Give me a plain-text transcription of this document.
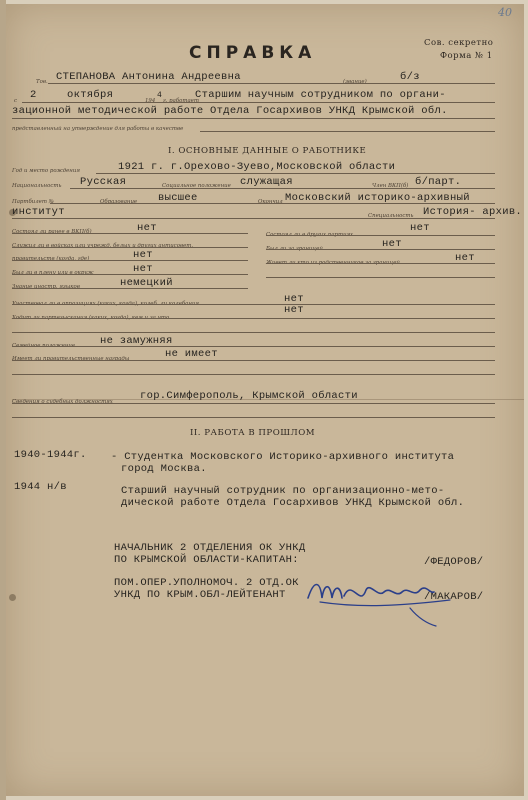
40
СПРАВКА	Сов. секретно
Форма № 1
Тов. СТЕПАНОВА Антонина Андреевна	(звание)	б/з
с 2	октября	194
4
г. работает
Старшим научным сотрудником по органи-
зационной методической работе Отдела Госархивов УНКД Крымской обл.
представленный на утверждение для работы в качестве
I. ОСНОВНЫЕ ДАННЫЕ О РАБОТНИКЕ
Год и место рождения	1921 г. г.Орехово-Зуево,Московской области
Национальность Русская	Социальное положение служащая	Член ВКП(б) б/парт.
Партбилет №	Образование высшее	Окончил Московский историко-архивный
институт	Специальность История- архив.
Состоял ли ранее в ВКП(б)	нет
Служил ли в войсках или учрежд. белых и других антисовет.
правительств (когда, где)	нет
Был ли в плену или в окруж	нет
Знание иностр. языков	немецкий
Состоял ли в других партиях
нет
Был ли за границей	нет
Живет ли кто из родственников за границей	нет
Участвовал ли в оппозициях (каких, когда), колеб. ли колебания	нет
Ходит ли партвзыскания (каких, когда), кем и за что
нет
Семейное положение не замужняя
Имеет ли правительственные награды	не имеет
Сведения о судебных должностях	гор.Симферополь, Крымской области
II. РАБОТА В ПРОШЛОМ
1940-1944г. - Студентка Московского Историко-архивного института
город Москва.
1944 н/в	Старший научный сотрудник по организационно-мето-
дической работе Отдела Госархивов УНКД Крымской обл.
НАЧАЛЬНИК 2 ОТДЕЛЕНИЯ ОК УНКД
ПО КРЫМСКОЙ ОБЛАСТИ-КАПИТАН:	/ФЕДОРОВ/
ПОМ.ОПЕР.УПОЛНОМОЧ. 2 ОТД.ОК
УНКД ПО КРЫМ.ОБЛ-ЛЕЙТЕНАНТ	/МАКАРОВ/
